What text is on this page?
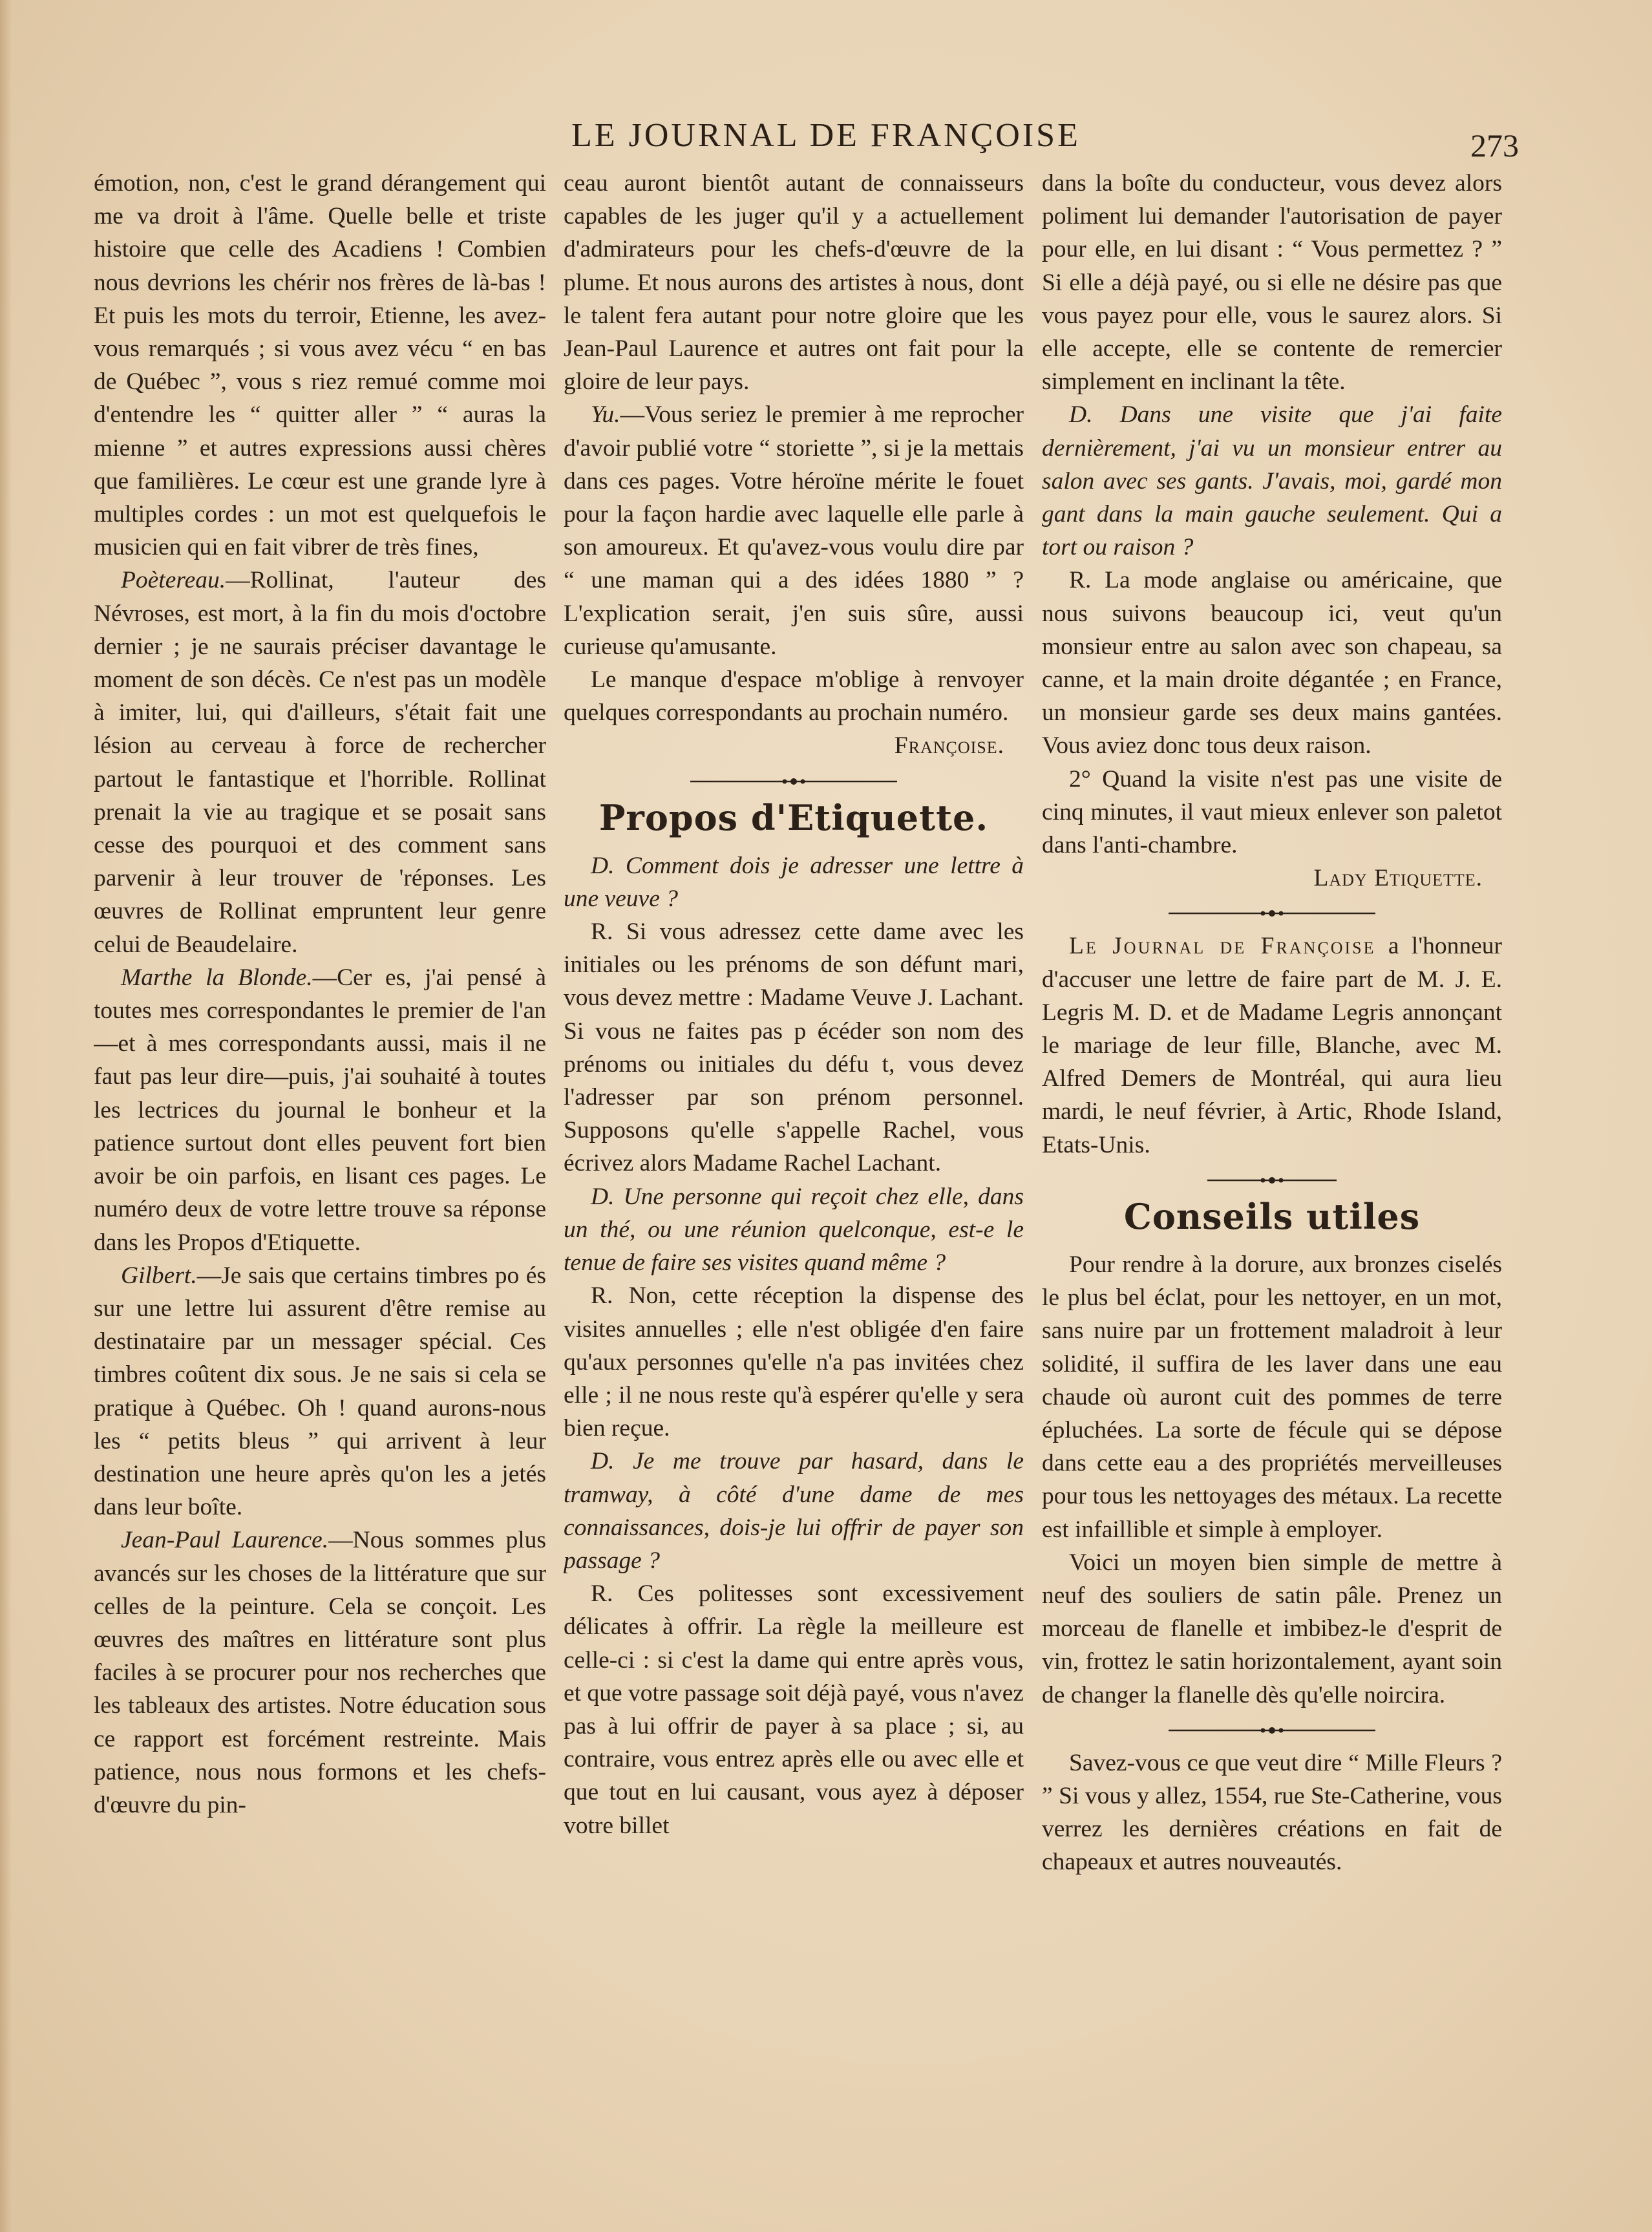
LE JOURNAL DE FRANÇOISE	273

émotion, non, c'est le grand dérangement qui me va droit à l'âme. Quelle belle et triste histoire que celle des Acadiens ! Combien nous devrions les chérir nos frères de là-bas ! Et puis les mots du terroir, Etienne, les avez-vous remarqués ; si vous avez vécu “ en bas de Québec ”, vous s riez remué comme moi d'entendre les “ quitter aller ” “ auras la mienne ” et autres expressions aussi chères que familières. Le cœur est une grande lyre à multiples cordes : un mot est quelquefois le musicien qui en fait vibrer de très fines,

Poètereau.—Rollinat, l'auteur des Névroses, est mort, à la fin du mois d'octobre dernier ; je ne saurais préciser davantage le moment de son décès. Ce n'est pas un modèle à imiter, lui, qui d'ailleurs, s'était fait une lésion au cerveau à force de rechercher partout le fantastique et l'horrible. Rollinat prenait la vie au tragique et se posait sans cesse des pourquoi et des comment sans parvenir à leur trouver de 'réponses. Les œuvres de Rollinat empruntent leur genre celui de Beaudelaire.

Marthe la Blonde.—Cer es, j'ai pensé à toutes mes correspondantes le premier de l'an—et à mes correspondants aussi, mais il ne faut pas leur dire—puis, j'ai souhaité à toutes les lectrices du journal le bonheur et la patience surtout dont elles peuvent fort bien avoir be oin parfois, en lisant ces pages. Le numéro deux de votre lettre trouve sa réponse dans les Propos d'Etiquette.

Gilbert.—Je sais que certains timbres po és sur une lettre lui assurent d'être remise au destinataire par un messager spécial. Ces timbres coûtent dix sous. Je ne sais si cela se pratique à Québec. Oh ! quand aurons-nous les “ petits bleus ” qui arrivent à leur destination une heure après qu'on les a jetés dans leur boîte.

Jean-Paul Laurence.—Nous sommes plus avancés sur les choses de la littérature que sur celles de la peinture. Cela se conçoit. Les œuvres des maîtres en littérature sont plus faciles à se procurer pour nos recherches que les tableaux des artistes. Notre éducation sous ce rapport est forcément restreinte. Mais patience, nous nous formons et les chefs-d'œuvre du pin-

ceau auront bientôt autant de connaisseurs capables de les juger qu'il y a actuellement d'admirateurs pour les chefs-d'œuvre de la plume. Et nous aurons des artistes à nous, dont le talent fera autant pour notre gloire que les Jean-Paul Laurence et autres ont fait pour la gloire de leur pays.

Yu.—Vous seriez le premier à me reprocher d'avoir publié votre “ storiette ”, si je la mettais dans ces pages. Votre héroïne mérite le fouet pour la façon hardie avec laquelle elle parle à son amoureux. Et qu'avez-vous voulu dire par “ une maman qui a des idées 1880 ” ? L'explication serait, j'en suis sûre, aussi curieuse qu'amusante.

Le manque d'espace m'oblige à renvoyer quelques correspondants au prochain numéro.

Françoise.

Propos d'Etiquette.

D. Comment dois je adresser une lettre à une veuve ?

R. Si vous adressez cette dame avec les initiales ou les prénoms de son défunt mari, vous devez mettre : Madame Veuve J. Lachant. Si vous ne faites pas p écéder son nom des prénoms ou initiales du défu t, vous devez l'adresser par son prénom personnel. Supposons qu'elle s'appelle Rachel, vous écrivez alors Madame Rachel Lachant.

D. Une personne qui reçoit chez elle, dans un thé, ou une réunion quelconque, est-e le tenue de faire ses visites quand même ?

R. Non, cette réception la dispense des visites annuelles ; elle n'est obligée d'en faire qu'aux personnes qu'elle n'a pas invitées chez elle ; il ne nous reste qu'à espérer qu'elle y sera bien reçue.

D. Je me trouve par hasard, dans le tramway, à côté d'une dame de mes connaissances, dois-je lui offrir de payer son passage ?

R. Ces politesses sont excessivement délicates à offrir. La règle la meilleure est celle-ci : si c'est la dame qui entre après vous, et que votre passage soit déjà payé, vous n'avez pas à lui offrir de payer à sa place ; si, au contraire, vous entrez après elle ou avec elle et que tout en lui causant, vous ayez à déposer votre billet

dans la boîte du conducteur, vous devez alors poliment lui demander l'autorisation de payer pour elle, en lui disant : “ Vous permettez ? ” Si elle a déjà payé, ou si elle ne désire pas que vous payez pour elle, vous le saurez alors. Si elle accepte, elle se contente de remercier simplement en inclinant la tête.

D. Dans une visite que j'ai faite dernièrement, j'ai vu un monsieur entrer au salon avec ses gants. J'avais, moi, gardé mon gant dans la main gauche seulement. Qui a tort ou raison ?

R. La mode anglaise ou américaine, que nous suivons beaucoup ici, veut qu'un monsieur entre au salon avec son chapeau, sa canne, et la main droite dégantée ; en France, un monsieur garde ses deux mains gantées. Vous aviez donc tous deux raison.

2° Quand la visite n'est pas une visite de cinq minutes, il vaut mieux enlever son paletot dans l'anti-chambre.

Lady Etiquette.

Le Journal de Françoise a l'honneur d'accuser une lettre de faire part de M. J. E. Legris M. D. et de Madame Legris annonçant le mariage de leur fille, Blanche, avec M. Alfred Demers de Montréal, qui aura lieu mardi, le neuf février, à Artic, Rhode Island, Etats-Unis.

Conseils utiles

Pour rendre à la dorure, aux bronzes ciselés le plus bel éclat, pour les nettoyer, en un mot, sans nuire par un frottement maladroit à leur solidité, il suffira de les laver dans une eau chaude où auront cuit des pommes de terre épluchées. La sorte de fécule qui se dépose dans cette eau a des propriétés merveilleuses pour tous les nettoyages des métaux. La recette est infaillible et simple à employer.

Voici un moyen bien simple de mettre à neuf des souliers de satin pâle. Prenez un morceau de flanelle et imbibez-le d'esprit de vin, frottez le satin horizontalement, ayant soin de changer la flanelle dès qu'elle noircira.

Savez-vous ce que veut dire “ Mille Fleurs ? ” Si vous y allez, 1554, rue Ste-Catherine, vous verrez les dernières créations en fait de chapeaux et autres nouveautés.
